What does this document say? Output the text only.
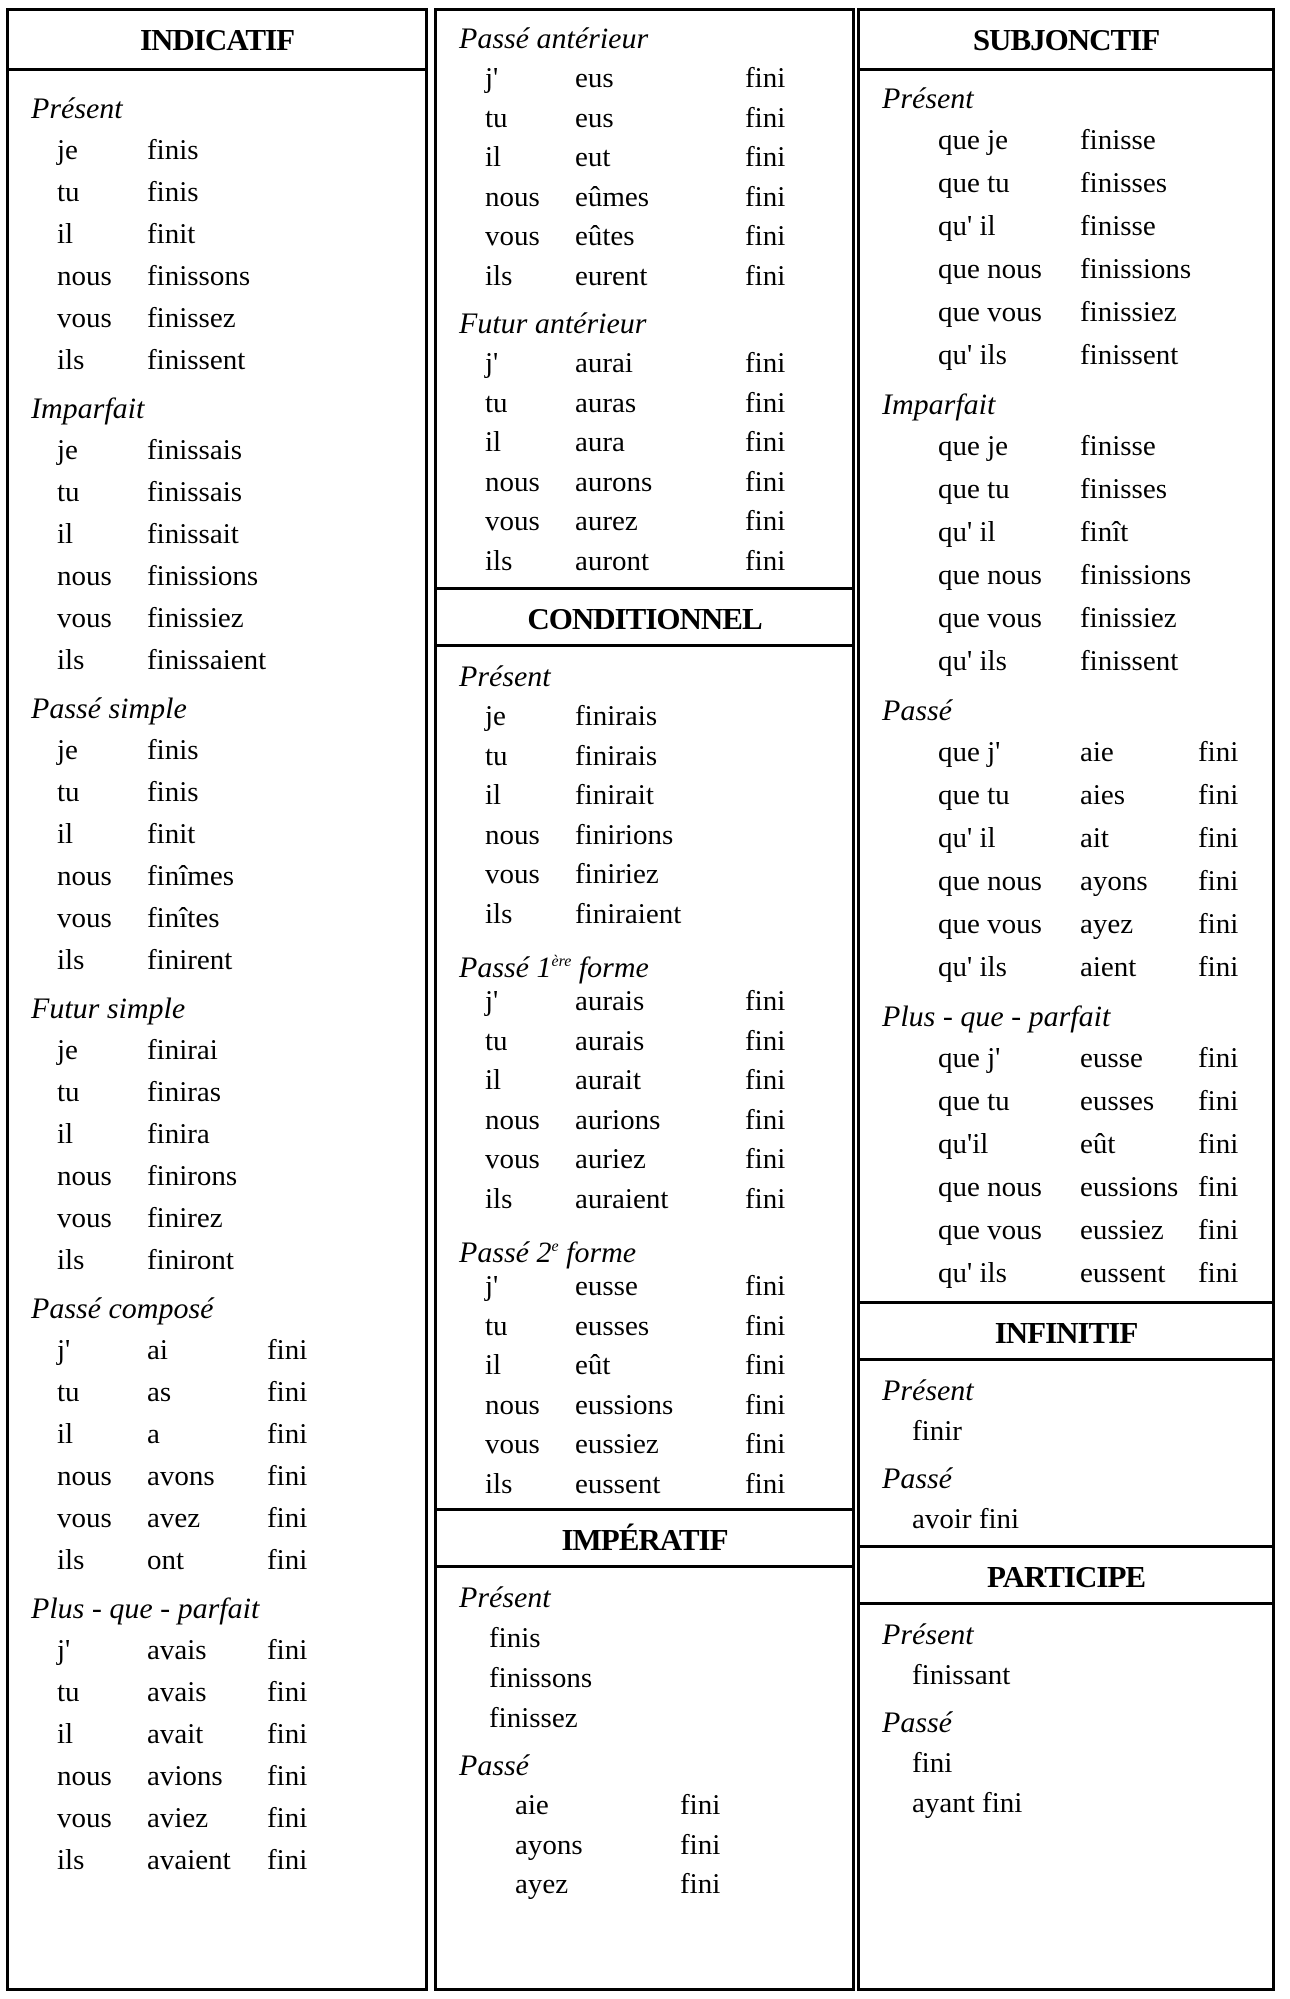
INDICATIF
Présent
je finis
tu finis
il	finit
nous finissons
vous finissez
ils finissent
Imparfait
je finissais
tu finissais
il	finissait
nous finissions
vous finissiez
ils finissaient
Passé simple
je finis
tu finis
il	finit
nous finîmes
vous finîtes
ils finirent
Futur simple
je finirai
tu finiras
il	finira
nous finirons
vous finirez
ils finiront
Passé composé
j'	ai	fini
tu as	fini
il	a	fini
nous avons fini
vous avez fini
ils ont	fini
Plus - que - parfait
j'	avais fini
tu avais fini
il	avait fini
nous avions fini
vous aviez fini
ils avaient fini
Passé antérieur
j'	eus	fini
tu eus	fini
il	eut	fini
nous eûmes	fini
vous eûtes	fini
ils eurent	fini
Futur antérieur
j'	aurai	fini
tu auras	fini
il	aura	fini
nous aurons	fini
vous aurez	fini
ils auront	fini
CONDITIONNEL
Présent
je finirais
tu finirais
il	finirait
nous finirions
vous finiriez
ils finiraient
Passé 1ère forme
j'	aurais	fini
tu aurais	fini
il	aurait	fini
nous aurions	fini
vous auriez	fini
ils auraient	fini
Passé 2e forme
j'	eusse	fini
tu eusses	fini
il	eût	fini
nous eussions fini
vous eussiez	fini
ils eussent	fini
IMPÉRATIF
Présent
finis
finissons
finissez
Passé
aie	fini
ayons	fini
ayez	fini
SUBJONCTIF
Présent
que je finisse
que tu finisses
qu' il	finisse
que nous finissions
que vous finissiez
qu' ils	finissent
Imparfait
que je finisse
que tu finisses
qu' il	finît
que nous finissions
que vous finissiez
qu' ils	finissent
Passé
que j'	aie	fini
que tu aies	fini
qu' il	ait	fini
que nous ayons fini
que vous ayez fini
qu' ils	aient fini
Plus - que - parfait
que j'	eusse fini
que tu eusses fini
qu'il	eût	fini
que nous eussions fini
que vous eussiez fini
qu' ils	eussent fini
INFINITIF
Présent
finir
Passé
avoir fini
PARTICIPE
Présent
finissant
Passé
fini
ayant fini
